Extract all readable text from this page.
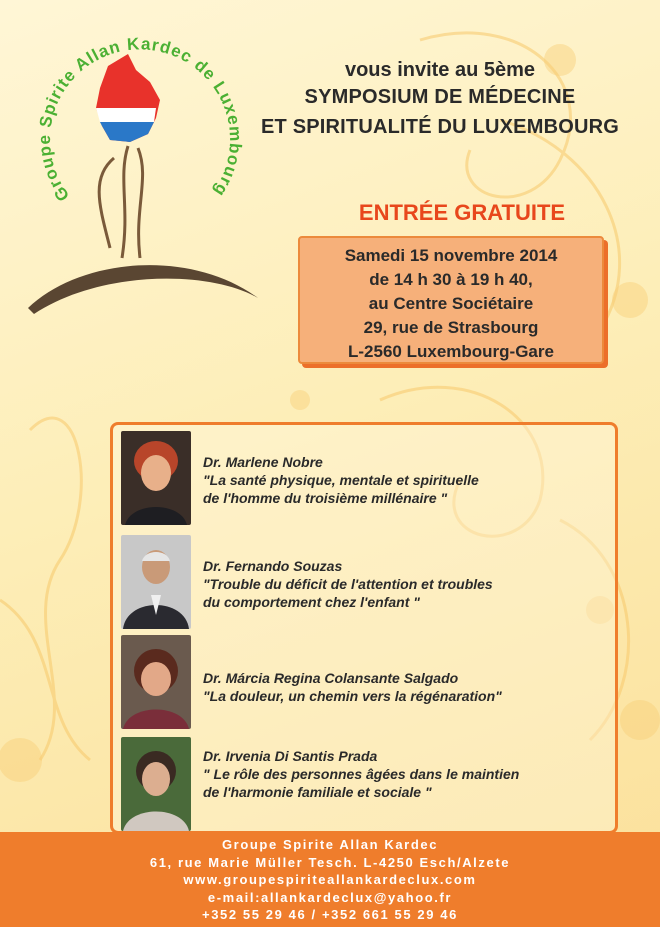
Groupe Spirite Allan Kardec de Luxembourg
vous invite au 5ème
SYMPOSIUM DE MÉDECINE
ET SPIRITUALITÉ DU LUXEMBOURG
ENTRÉE GRATUITE
Samedi 15 novembre 2014
de 14 h 30 à 19 h 40,
au Centre Sociétaire
29, rue de Strasbourg
L-2560 Luxembourg-Gare
Dr. Marlene Nobre
"La santé physique, mentale et spirituelle
de l'homme du troisième millénaire "
Dr. Fernando Souzas
"Trouble du déficit de l'attention et troubles
du comportement chez l'enfant "
Dr. Márcia Regina Colansante Salgado
"La douleur, un chemin vers la régénaration"
Dr. Irvenia Di Santis Prada
" Le rôle des personnes âgées dans le maintien
de l'harmonie familiale et sociale "
Groupe Spirite Allan Kardec
61, rue Marie Müller Tesch. L-4250 Esch/Alzete
www.groupespiriteallankardeclux.com
e-mail:allankardeclux@yahoo.fr
+352 55 29 46 / +352 661 55 29 46
